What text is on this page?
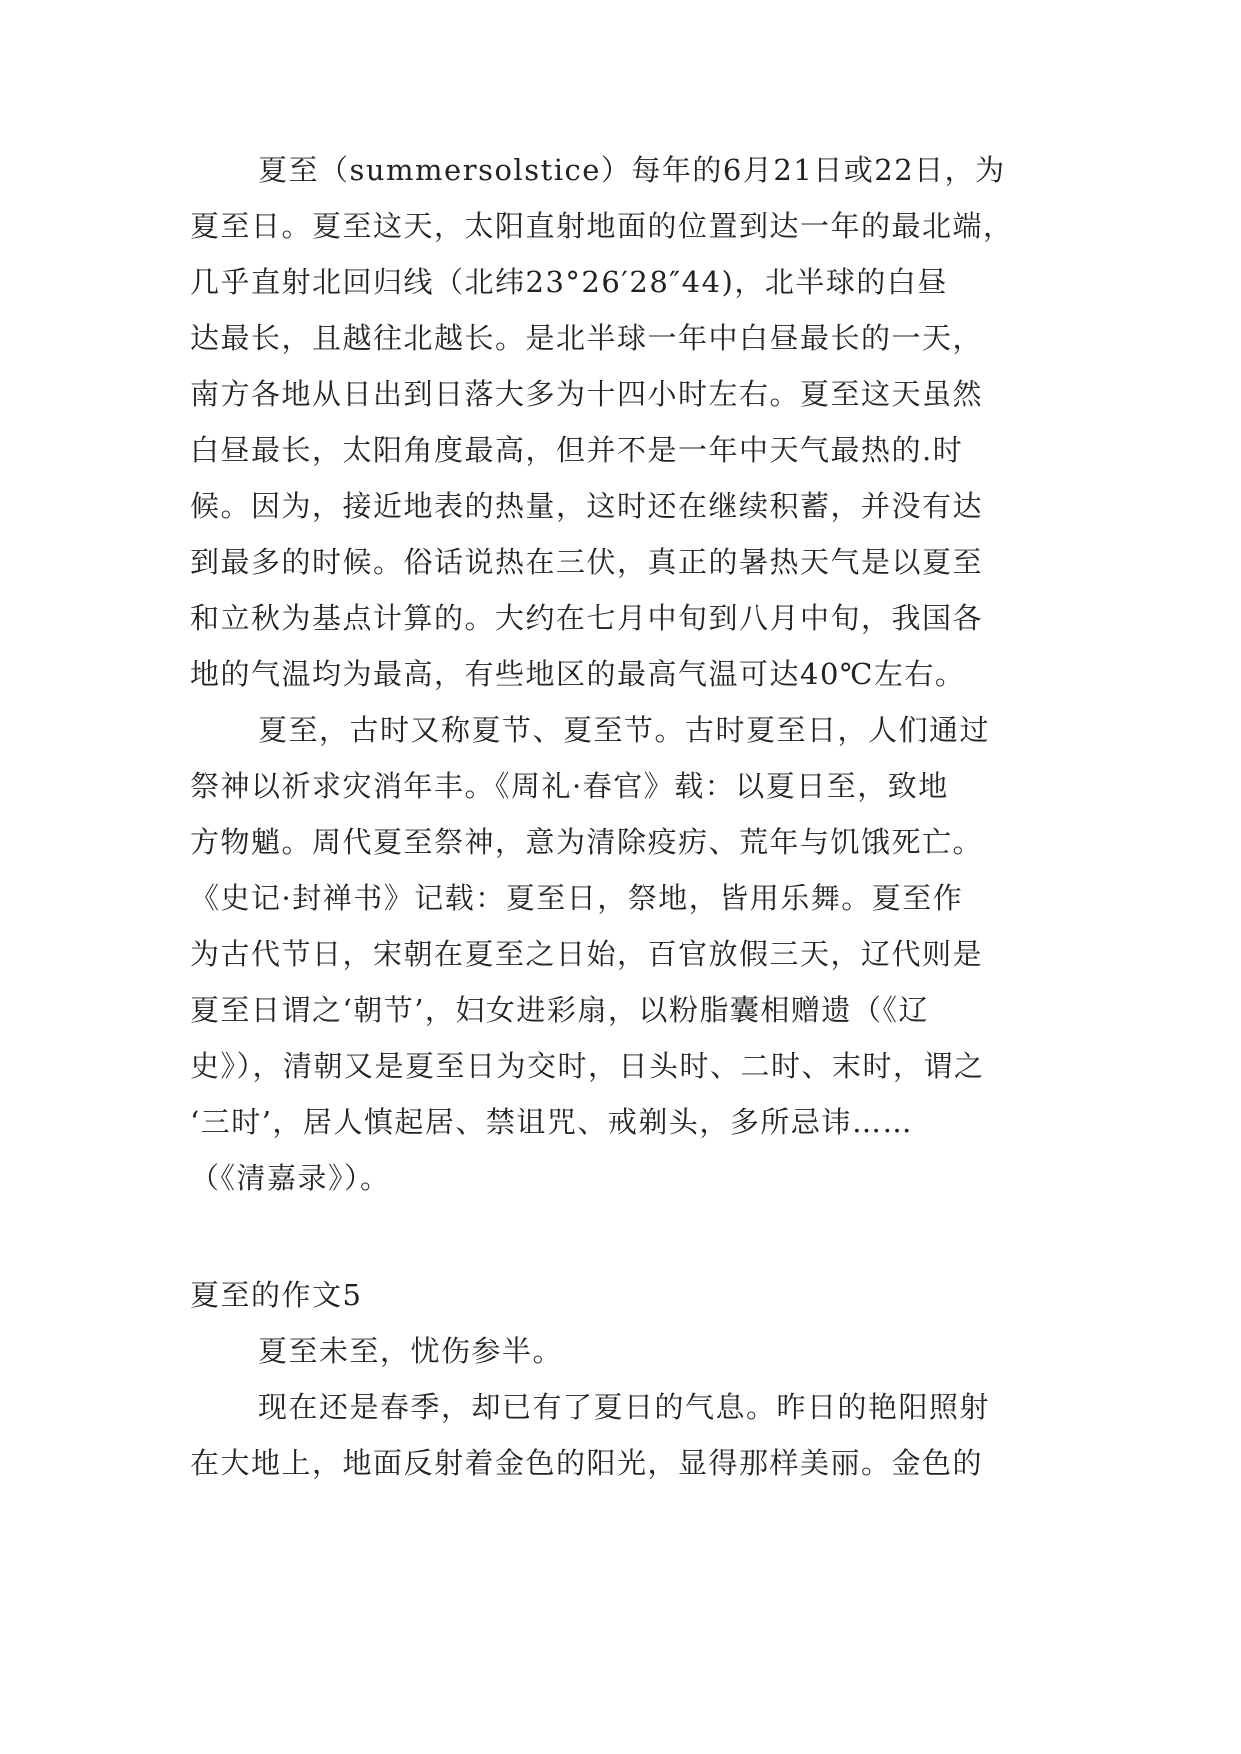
夏至（summersolstice）每年的6月21日或22日，为
夏至日。夏至这天，太阳直射地面的位置到达一年的最北端，
几乎直射北回归线（北纬23°26′28″44)，北半球的白昼
达最长，且越往北越长。是北半球一年中白昼最长的一天，
南方各地从日出到日落大多为十四小时左右。夏至这天虽然
白昼最长，太阳角度最高，但并不是一年中天气最热的.时
候。因为，接近地表的热量，这时还在继续积蓄，并没有达
到最多的时候。俗话说热在三伏，真正的暑热天气是以夏至
和立秋为基点计算的。大约在七月中旬到八月中旬，我国各
地的气温均为最高，有些地区的最高气温可达40℃左右。
夏至，古时又称夏节、夏至节。古时夏至日，人们通过
祭神以祈求灾消年丰。《周礼·春官》载：以夏日至，致地
方物魈。周代夏至祭神，意为清除疫疠、荒年与饥饿死亡。
《史记·封禅书》记载：夏至日，祭地，皆用乐舞。夏至作
为古代节日，宋朝在夏至之日始，百官放假三天，辽代则是
夏至日谓之‘朝节’，妇女进彩扇，以粉脂囊相赠遗（《辽
史》），清朝又是夏至日为交时，日头时、二时、末时，谓之
‘三时’，居人慎起居、禁诅咒、戒剃头，多所忌讳……
（《清嘉录》）。
夏至的作文5
夏至未至，忧伤参半。
现在还是春季，却已有了夏日的气息。昨日的艳阳照射
在大地上，地面反射着金色的阳光，显得那样美丽。金色的
